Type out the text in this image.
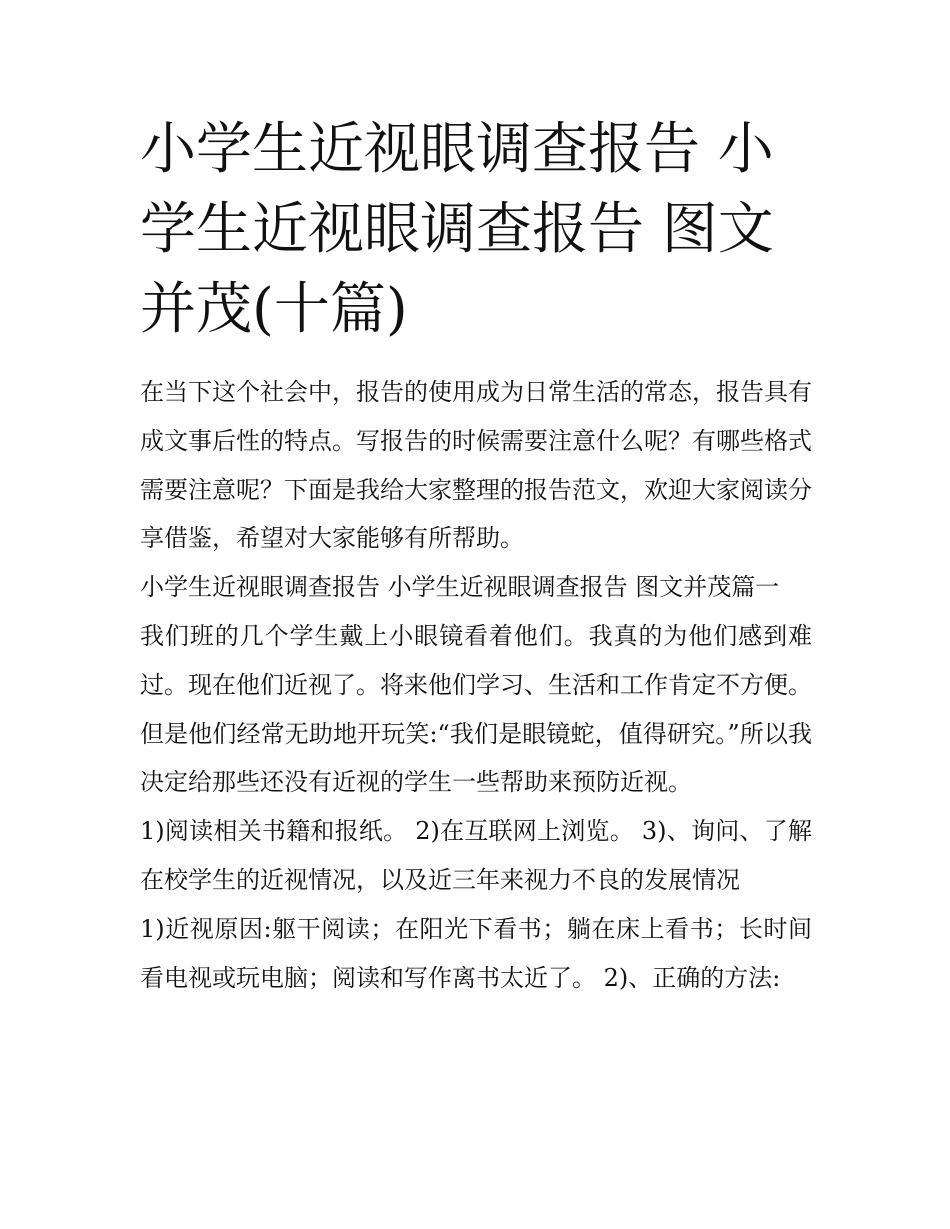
小学生近视眼调查报告 小学生近视眼调查报告 图文并茂(十篇)

在当下这个社会中，报告的使用成为日常生活的常态，报告具有成文事后性的特点。写报告的时候需要注意什么呢？有哪些格式需要注意呢？下面是我给大家整理的报告范文，欢迎大家阅读分享借鉴，希望对大家能够有所帮助。

小学生近视眼调查报告 小学生近视眼调查报告 图文并茂篇一

我们班的几个学生戴上小眼镜看着他们。我真的为他们感到难过。现在他们近视了。将来他们学习、生活和工作肯定不方便。但是他们经常无助地开玩笑:“我们是眼镜蛇，值得研究。”所以我决定给那些还没有近视的学生一些帮助来预防近视。

1)阅读相关书籍和报纸。 2)在互联网上浏览。 3)、询问、了解在校学生的近视情况，以及近三年来视力不良的发展情况

1)近视原因:躯干阅读；在阳光下看书；躺在床上看书；长时间看电视或玩电脑；阅读和写作离书太近了。 2)、正确的方法:
